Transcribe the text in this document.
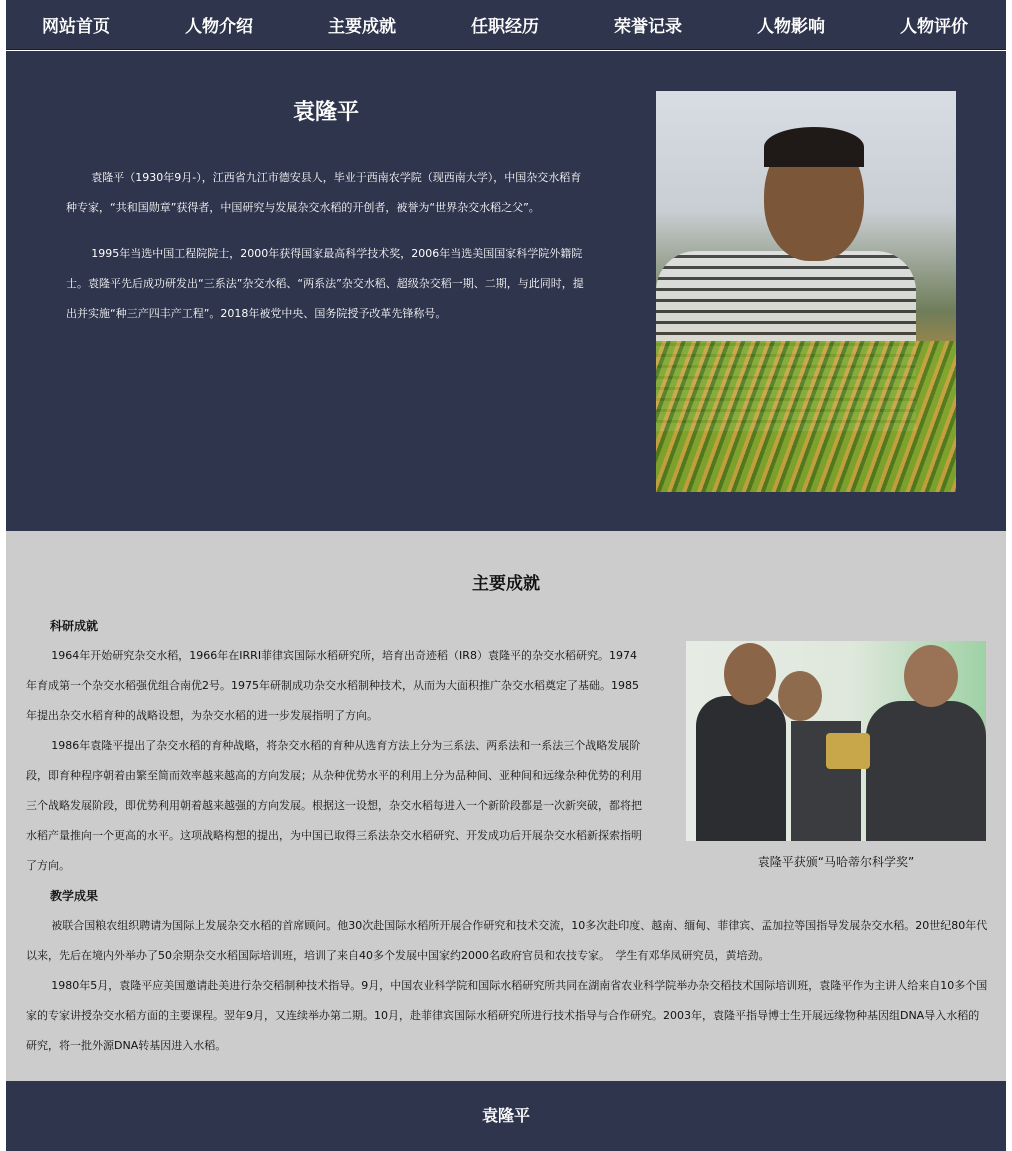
网站首页	人物介绍	主要成就	任职经历	荣誉记录	人物影响	人物评价
袁隆平

袁隆平（1930年9月-），江西省九江市德安县人，毕业于西南农学院（现西南大学），中国杂交水稻育种专家，“共和国勋章”获得者，中国研究与发展杂交水稻的开创者，被誉为“世界杂交水稻之父”。

1995年当选中国工程院院士，2000年获得国家最高科学技术奖，2006年当选美国国家科学院外籍院士。袁隆平先后成功研发出“三系法”杂交水稻、“两系法”杂交水稻、超级杂交稻一期、二期，与此同时，提出并实施“种三产四丰产工程”。2018年被党中央、国务院授予改革先锋称号。

主要成就
科研成就

1964年开始研究杂交水稻，1966年在IRRI菲律宾国际水稻研究所，培育出奇迹稻（IR8）袁隆平的杂交水稻研究。1974年育成第一个杂交水稻强优组合南优2号。1975年研制成功杂交水稻制种技术，从而为大面积推广杂交水稻奠定了基础。1985年提出杂交水稻育种的战略设想，为杂交水稻的进一步发展指明了方向。

1986年袁隆平提出了杂交水稻的育种战略，将杂交水稻的育种从选育方法上分为三系法、两系法和一系法三个战略发展阶段，即育种程序朝着由繁至简而效率越来越高的方向发展；从杂种优势水平的利用上分为品种间、亚种间和远缘杂种优势的利用三个战略发展阶段，即优势利用朝着越来越强的方向发展。根据这一设想，杂交水稻每进入一个新阶段都是一次新突破，都将把水稻产量推向一个更高的水平。这项战略构想的提出，为中国已取得三系法杂交水稻研究、开发成功后开展杂交水稻新探索指明了方向。	袁隆平获颁“马哈蒂尔科学奖”
教学成果

被联合国粮农组织聘请为国际上发展杂交水稻的首席顾问。他30次赴国际水稻所开展合作研究和技术交流，10多次赴印度、越南、缅甸、菲律宾、孟加拉等国指导发展杂交水稻。20世纪80年代以来，先后在境内外举办了50余期杂交水稻国际培训班，培训了来自40多个发展中国家约2000名政府官员和农技专家。　学生有邓华凤研究员，黄培劲。

1980年5月，袁隆平应美国邀请赴美进行杂交稻制种技术指导。9月，中国农业科学院和国际水稻研究所共同在湖南省农业科学院举办杂交稻技术国际培训班，袁隆平作为主讲人给来自10多个国家的专家讲授杂交水稻方面的主要课程。翌年9月，又连续举办第二期。10月，赴菲律宾国际水稻研究所进行技术指导与合作研究。2003年，袁隆平指导博士生开展远缘物种基因组DNA导入水稻的研究，将一批外源DNA转基因进入水稻。

袁隆平
